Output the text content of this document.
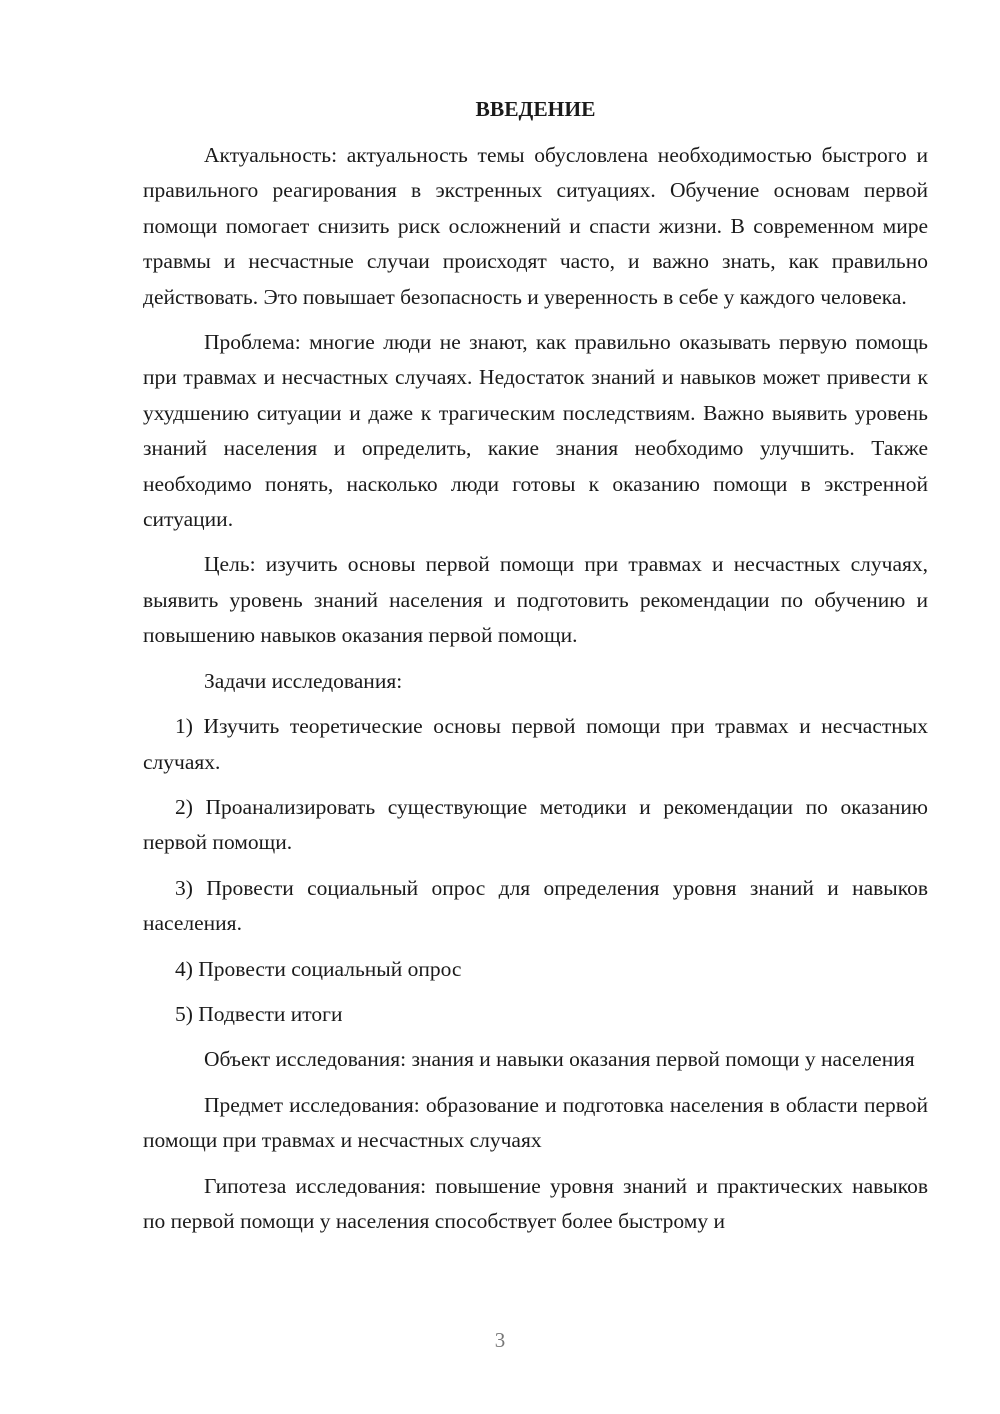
ВВЕДЕНИЕ

Актуальность: актуальность темы обусловлена необходимостью быстрого и правильного реагирования в экстренных ситуациях. Обучение основам первой помощи помогает снизить риск осложнений и спасти жизни. В современном мире травмы и несчастные случаи происходят часто, и важно знать, как правильно действовать. Это повышает безопасность и уверенность в себе у каждого человека.

Проблема: многие люди не знают, как правильно оказывать первую помощь при травмах и несчастных случаях. Недостаток знаний и навыков может привести к ухудшению ситуации и даже к трагическим последствиям. Важно выявить уровень знаний населения и определить, какие знания необходимо улучшить. Также необходимо понять, насколько люди готовы к оказанию помощи в экстренной ситуации.

Цель: изучить основы первой помощи при травмах и несчастных случаях, выявить уровень знаний населения и подготовить рекомендации по обучению и повышению навыков оказания первой помощи.

Задачи исследования:

1) Изучить теоретические основы первой помощи при травмах и несчастных случаях.

2) Проанализировать существующие методики и рекомендации по оказанию первой помощи.

3) Провести социальный опрос для определения уровня знаний и навыков населения.

4) Провести социальный опрос

5) Подвести итоги

Объект исследования: знания и навыки оказания первой помощи у населения

Предмет исследования: образование и подготовка населения в области первой помощи при травмах и несчастных случаях

Гипотеза исследования: повышение уровня знаний и практических навыков по первой помощи у населения способствует более быстрому и

3
